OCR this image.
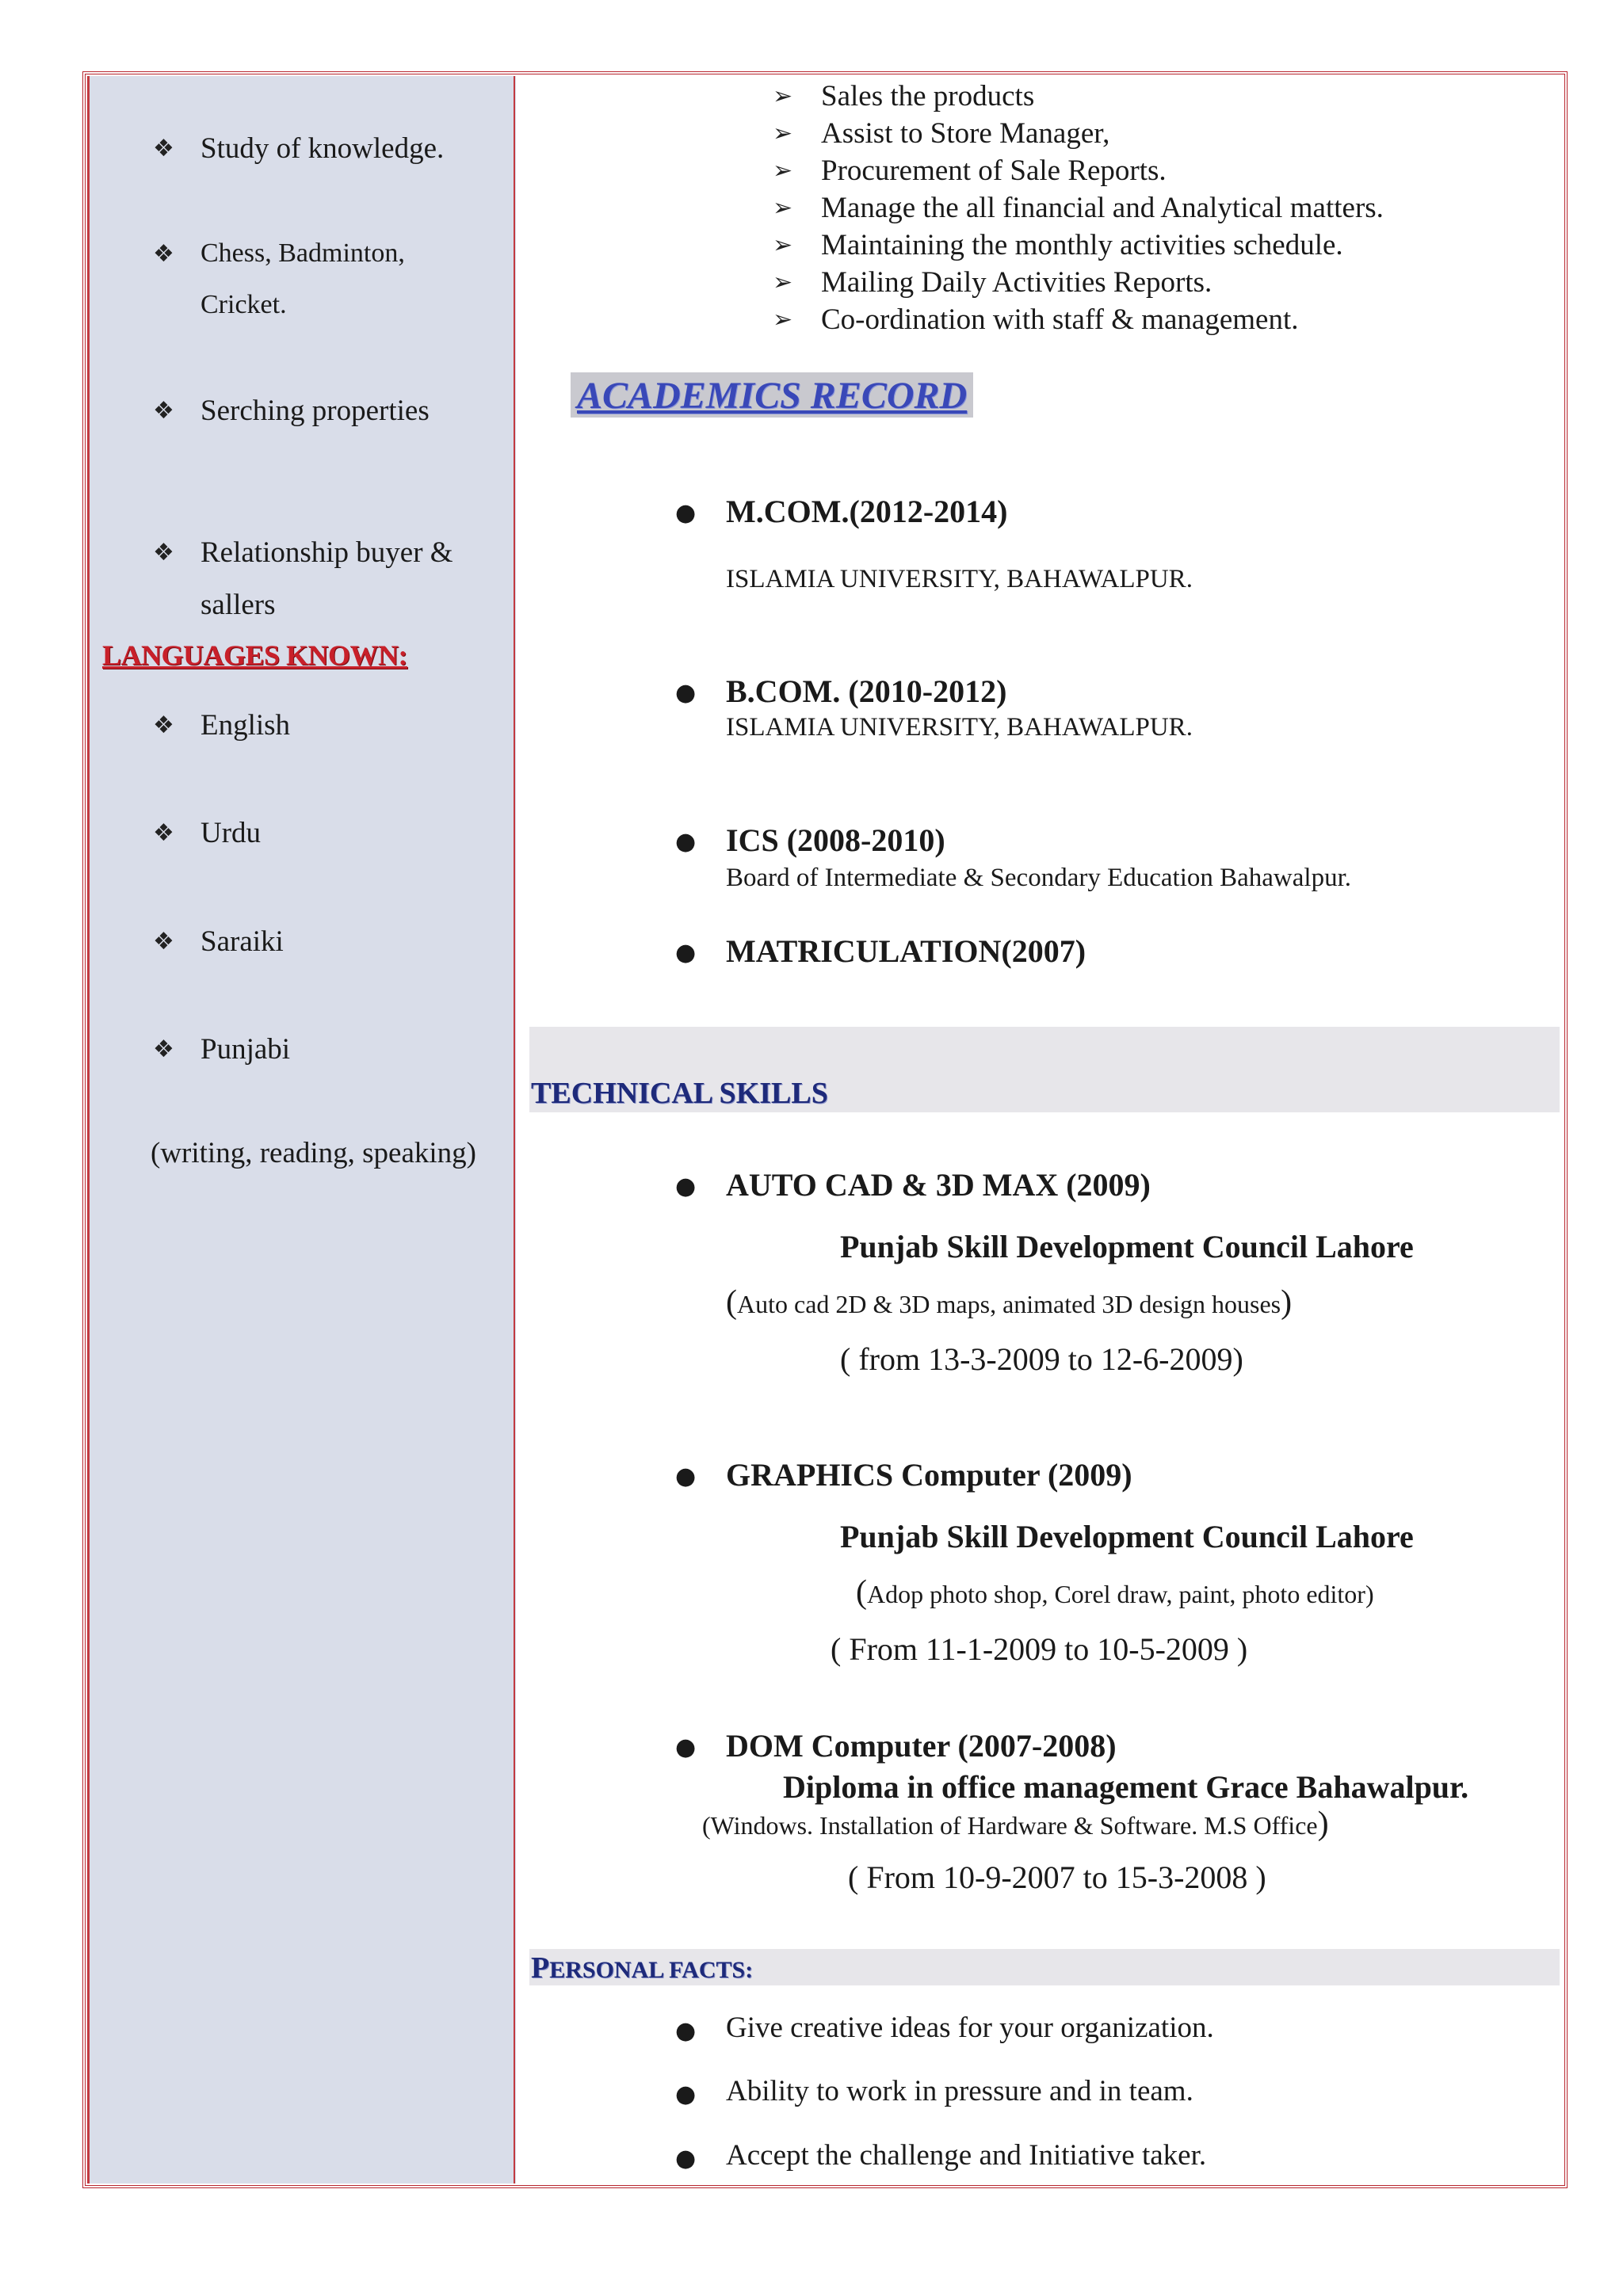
❖ Study of knowledge.
❖ Chess, Badminton,
Cricket.
❖ Serching properties
❖ Relationship buyer &
sallers
LANGUAGES KNOWN:
❖ English
❖ Urdu
❖ Saraiki
❖ Punjabi
(writing, reading, speaking)
➢ Sales the products
➢ Assist to Store Manager,
➢ Procurement of Sale Reports.
➢ Manage the all financial and Analytical matters.
➢ Maintaining the monthly activities schedule.
➢ Mailing Daily Activities Reports.
➢ Co-ordination with staff & management.
ACADEMICS RECORD
● M.COM.(2012-2014)
ISLAMIA UNIVERSITY, BAHAWALPUR.
● B.COM. (2010-2012)
ISLAMIA UNIVERSITY, BAHAWALPUR.
● ICS (2008-2010)
Board of Intermediate & Secondary Education Bahawalpur.
● MATRICULATION(2007)
TECHNICAL SKILLS
● AUTO CAD & 3D MAX (2009)
Punjab Skill Development Council Lahore
(Auto cad 2D & 3D maps, animated 3D design houses)
( from 13-3-2009 to 12-6-2009)
● GRAPHICS Computer (2009)
Punjab Skill Development Council Lahore
(Adop photo shop, Corel draw, paint, photo editor)
( From 11-1-2009 to 10-5-2009 )
● DOM Computer (2007-2008)
Diploma in office management Grace Bahawalpur.
(Windows. Installation of Hardware & Software. M.S Office)
( From 10-9-2007 to 15-3-2008 )
PERSONAL FACTS:
● Give creative ideas for your organization.
● Ability to work in pressure and in team.
● Accept the challenge and Initiative taker.
